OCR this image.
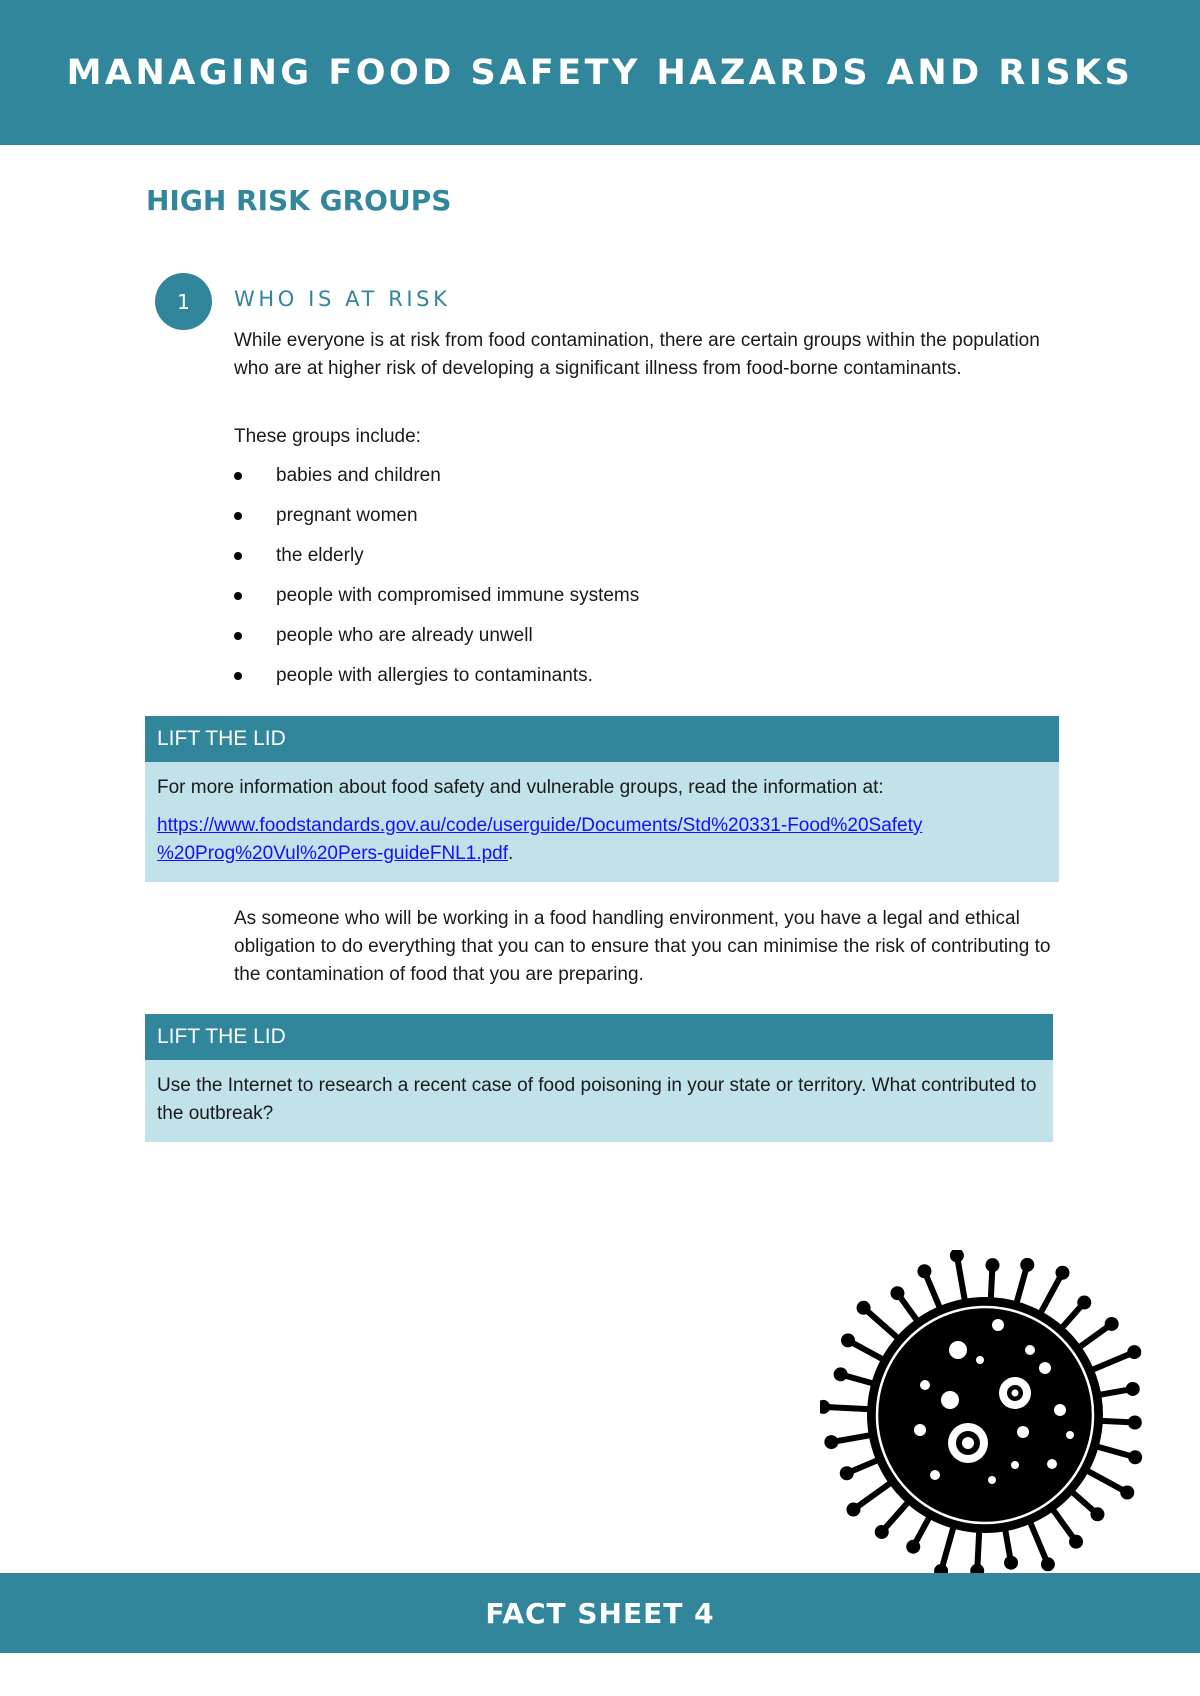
MANAGING FOOD SAFETY HAZARDS AND RISKS
HIGH RISK GROUPS
1	WHO IS AT RISK

While everyone is at risk from food contamination, there are certain groups within the population who are at higher risk of developing a significant illness from food-borne contaminants.

These groups include:

babies and children
pregnant women
the elderly
people with compromised immune systems
people who are already unwell
people with allergies to contaminants.
LIFT THE LID

For more information about food safety and vulnerable groups, read the information at:

https://www.foodstandards.gov.au/code/userguide/Documents/Std%20331-Food%20Safety
%20Prog%20Vul%20Pers-guideFNL1.pdf.

As someone who will be working in a food handling environment, you have a legal and ethical obligation to do everything that you can to ensure that you can minimise the risk of contributing to the contamination of food that you are preparing.

LIFT THE LID

Use the Internet to research a recent case of food poisoning in your state or territory. What contributed to the outbreak?

FACT SHEET 4
